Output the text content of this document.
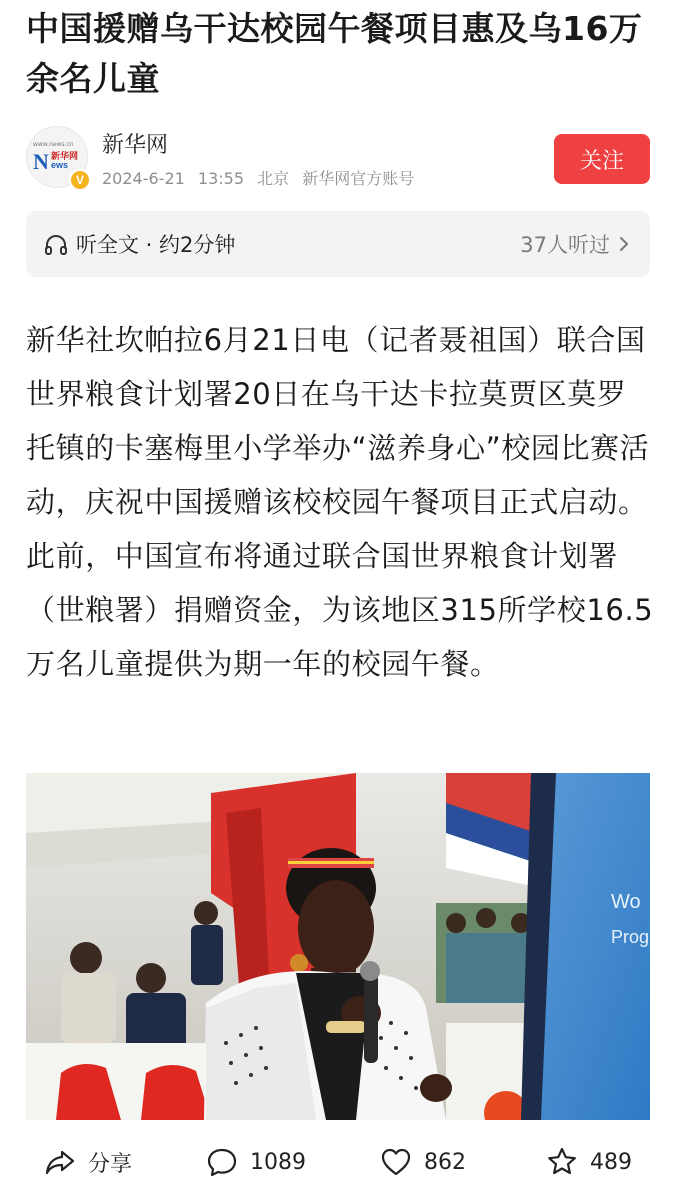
中国援赠乌干达校园午餐项目惠及乌16万余名儿童
www.news.cn
N 新华网
ews
V
新华网
2024-6-21 13:55 北京 新华网官方账号
关注
听全文 · 约2分钟	37人听过
新华社坎帕拉6月21日电（记者聂祖国）联合国世界粮食计划署20日在乌干达卡拉莫贾区莫罗托镇的卡塞梅里小学举办“滋养身心”校园比赛活动，庆祝中国援赠该校校园午餐项目正式启动。此前，中国宣布将通过联合国世界粮食计划署（世粮署）捐赠资金，为该地区315所学校16.5万名儿童提供为期一年的校园午餐。
Wo
Prog
分享	1089	862	489
